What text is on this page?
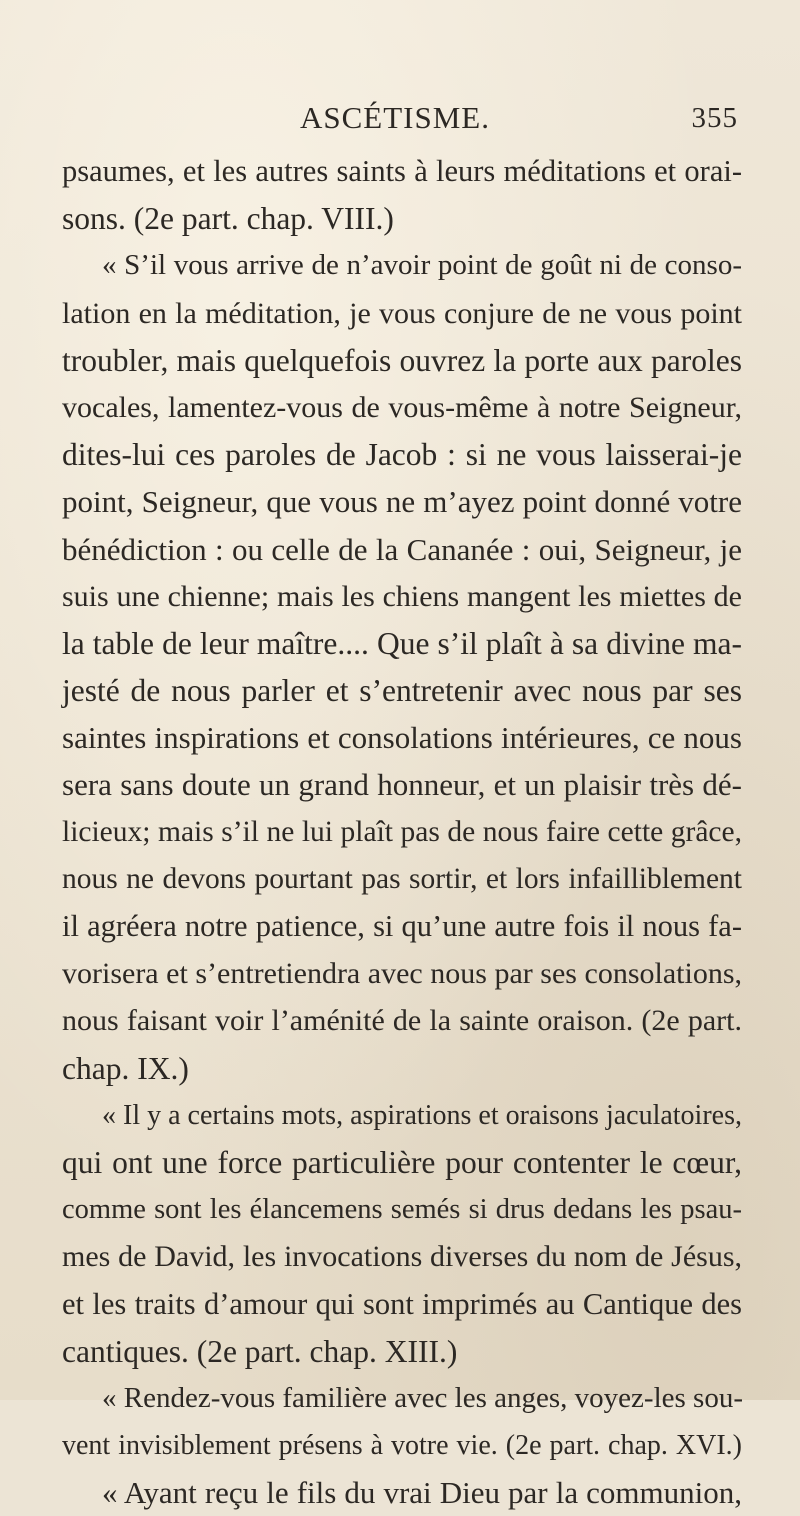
ASCÉTISME.	355
psaumes, et les autres saints à leurs méditations et orai-
sons. (2e part. chap. VIII.)
« S’il vous arrive de n’avoir point de goût ni de conso-
lation en la méditation, je vous conjure de ne vous point
troubler, mais quelquefois ouvrez la porte aux paroles
vocales, lamentez-vous de vous-même à notre Seigneur,
dites-lui ces paroles de Jacob : si ne vous laisserai-je
point, Seigneur, que vous ne m’ayez point donné votre
bénédiction : ou celle de la Cananée : oui, Seigneur, je
suis une chienne; mais les chiens mangent les miettes de
la table de leur maître.... Que s’il plaît à sa divine ma-
jesté de nous parler et s’entretenir avec nous par ses
saintes inspirations et consolations intérieures, ce nous
sera sans doute un grand honneur, et un plaisir très dé-
licieux; mais s’il ne lui plaît pas de nous faire cette grâce,
nous ne devons pourtant pas sortir, et lors infailliblement
il agréera notre patience, si qu’une autre fois il nous fa-
vorisera et s’entretiendra avec nous par ses consolations,
nous faisant voir l’aménité de la sainte oraison. (2e part.
chap. IX.)
« Il y a certains mots, aspirations et oraisons jaculatoires,
qui ont une force particulière pour contenter le cœur,
comme sont les élancemens semés si drus dedans les psau-
mes de David, les invocations diverses du nom de Jésus,
et les traits d’amour qui sont imprimés au Cantique des
cantiques. (2e part. chap. XIII.)
« Rendez-vous familière avec les anges, voyez-les sou-
vent invisiblement présens à votre vie. (2e part. chap. XVI.)
« Ayant reçu le fils du vrai Dieu par la communion,
